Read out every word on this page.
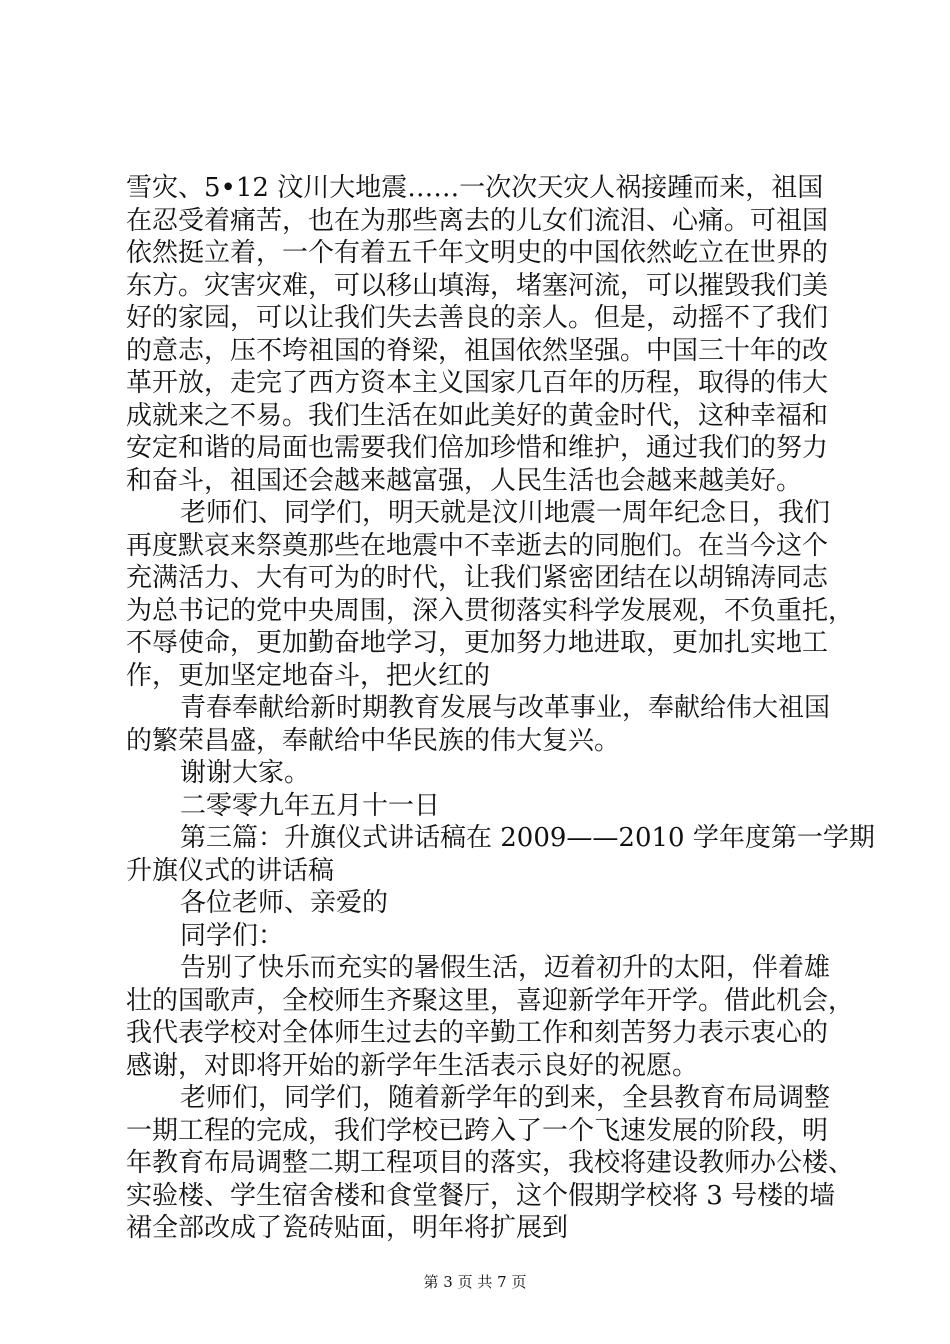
雪灾、5•12 汶川大地震……一次次天灾人祸接踵而来，祖国
在忍受着痛苦，也在为那些离去的儿女们流泪、心痛。可祖国
依然挺立着，一个有着五千年文明史的中国依然屹立在世界的
东方。灾害灾难，可以移山填海，堵塞河流，可以摧毁我们美
好的家园，可以让我们失去善良的亲人。但是，动摇不了我们
的意志，压不垮祖国的脊梁，祖国依然坚强。中国三十年的改
革开放，走完了西方资本主义国家几百年的历程，取得的伟大
成就来之不易。我们生活在如此美好的黄金时代，这种幸福和
安定和谐的局面也需要我们倍加珍惜和维护，通过我们的努力
和奋斗，祖国还会越来越富强，人民生活也会越来越美好。
老师们、同学们，明天就是汶川地震一周年纪念日，我们
再度默哀来祭奠那些在地震中不幸逝去的同胞们。在当今这个
充满活力、大有可为的时代，让我们紧密团结在以胡锦涛同志
为总书记的党中央周围，深入贯彻落实科学发展观，不负重托，
不辱使命，更加勤奋地学习，更加努力地进取，更加扎实地工
作，更加坚定地奋斗，把火红的
青春奉献给新时期教育发展与改革事业，奉献给伟大祖国
的繁荣昌盛，奉献给中华民族的伟大复兴。
谢谢大家。
二零零九年五月十一日
第三篇：升旗仪式讲话稿在 2009——2010 学年度第一学期
升旗仪式的讲话稿
各位老师、亲爱的
同学们：
告别了快乐而充实的暑假生活，迈着初升的太阳，伴着雄
壮的国歌声，全校师生齐聚这里，喜迎新学年开学。借此机会，
我代表学校对全体师生过去的辛勤工作和刻苦努力表示衷心的
感谢，对即将开始的新学年生活表示良好的祝愿。
老师们，同学们，随着新学年的到来，全县教育布局调整
一期工程的完成，我们学校已跨入了一个飞速发展的阶段，明
年教育布局调整二期工程项目的落实，我校将建设教师办公楼、
实验楼、学生宿舍楼和食堂餐厅，这个假期学校将 3 号楼的墙
裙全部改成了瓷砖贴面，明年将扩展到
第 3 页 共 7 页
